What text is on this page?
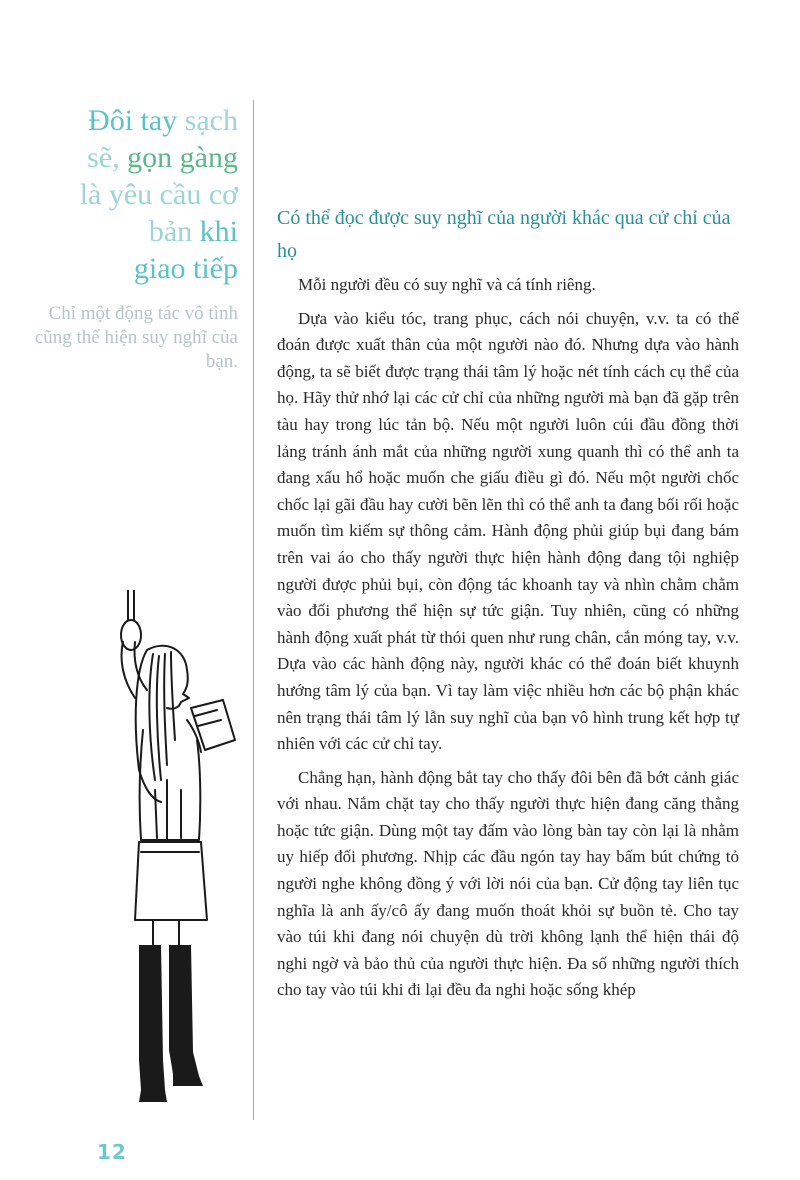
Đôi tay sạch
sẽ, gọn gàng
là yêu cầu cơ
bản khi
giao tiếp

Chỉ một động tác vô tình cũng thể hiện suy nghĩ của bạn.

Có thể đọc được suy nghĩ của người khác qua cử chỉ của họ

Mỗi người đều có suy nghĩ và cá tính riêng.

Dựa vào kiểu tóc, trang phục, cách nói chuyện, v.v. ta có thể đoán được xuất thân của một người nào đó. Nhưng dựa vào hành động, ta sẽ biết được trạng thái tâm lý hoặc nét tính cách cụ thể của họ. Hãy thử nhớ lại các cử chỉ của những người mà bạn đã gặp trên tàu hay trong lúc tản bộ. Nếu một người luôn cúi đầu đồng thời lảng tránh ánh mắt của những người xung quanh thì có thể anh ta đang xấu hổ hoặc muốn che giấu điều gì đó. Nếu một người chốc chốc lại gãi đầu hay cười bẽn lẽn thì có thể anh ta đang bối rối hoặc muốn tìm kiếm sự thông cảm. Hành động phủi giúp bụi đang bám trên vai áo cho thấy người thực hiện hành động đang tội nghiệp người được phủi bụi, còn động tác khoanh tay và nhìn chằm chằm vào đối phương thể hiện sự tức giận. Tuy nhiên, cũng có những hành động xuất phát từ thói quen như rung chân, cắn móng tay, v.v. Dựa vào các hành động này, người khác có thể đoán biết khuynh hướng tâm lý của bạn. Vì tay làm việc nhiều hơn các bộ phận khác nên trạng thái tâm lý lẫn suy nghĩ của bạn vô hình trung kết hợp tự nhiên với các cử chỉ tay.

Chẳng hạn, hành động bắt tay cho thấy đôi bên đã bớt cảnh giác với nhau. Nắm chặt tay cho thấy người thực hiện đang căng thẳng hoặc tức giận. Dùng một tay đấm vào lòng bàn tay còn lại là nhằm uy hiếp đối phương. Nhịp các đầu ngón tay hay bấm bút chứng tỏ người nghe không đồng ý với lời nói của bạn. Cử động tay liên tục nghĩa là anh ấy/cô ấy đang muốn thoát khỏi sự buồn tẻ. Cho tay vào túi khi đang nói chuyện dù trời không lạnh thể hiện thái độ nghi ngờ và bảo thủ của người thực hiện. Đa số những người thích cho tay vào túi khi đi lại đều đa nghi hoặc sống khép

12
